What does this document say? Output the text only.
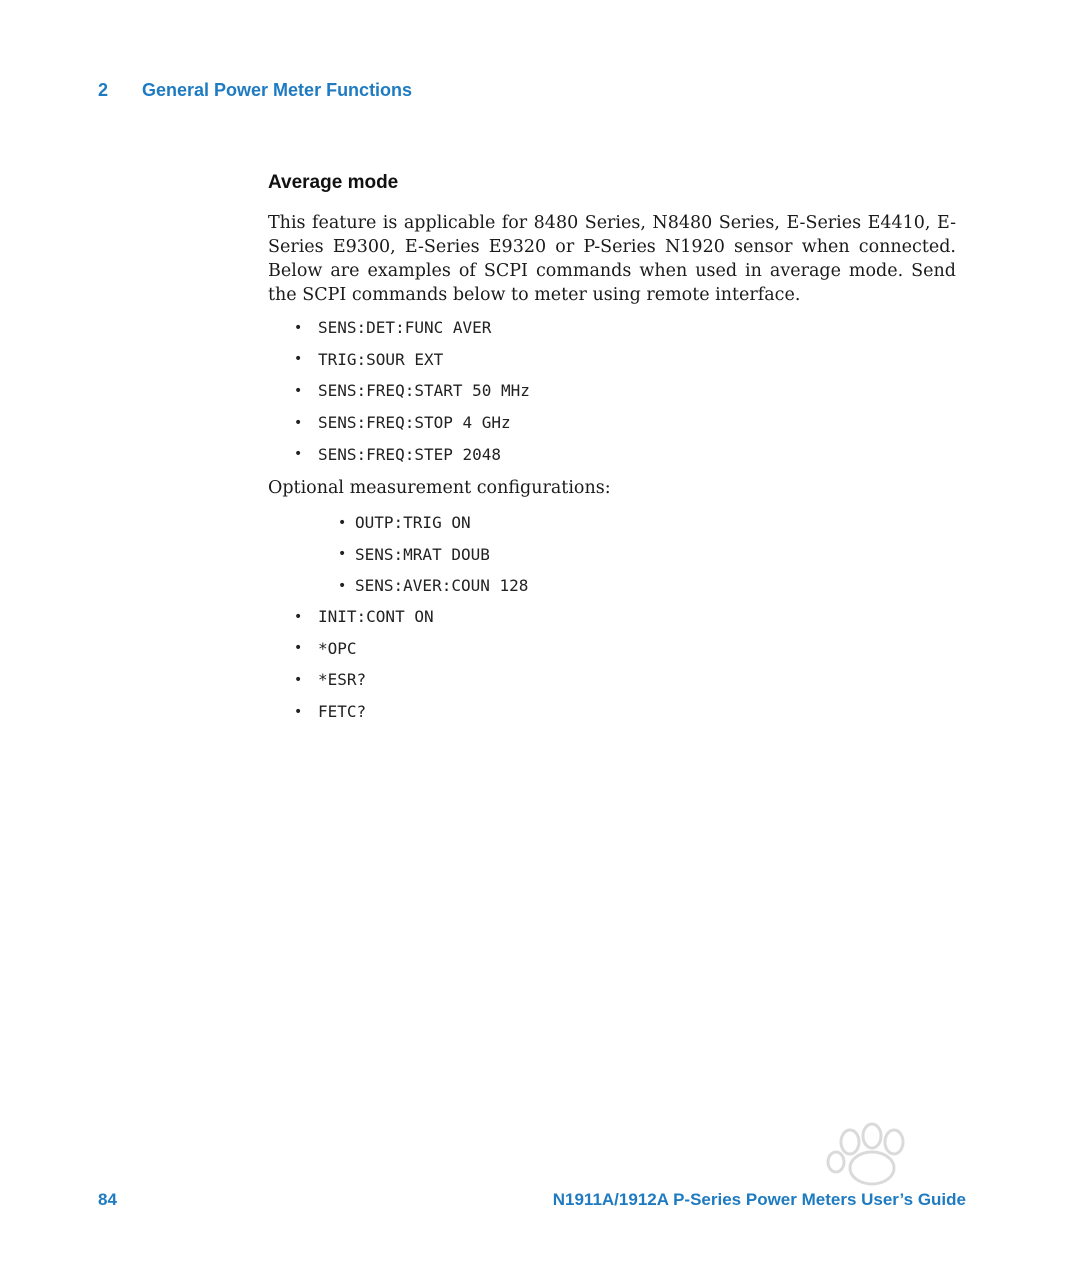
2	General Power Meter Functions
Average mode

This feature is applicable for 8480 Series, N8480 Series, E-Series E4410, E-Series E9300, E-Series E9320 or P-Series N1920 sensor when connected. Below are examples of SCPI commands when used in average mode. Send the SCPI commands below to meter using remote interface.

• SENS:DET:FUNC AVER
• TRIG:SOUR EXT
• SENS:FREQ:START 50 MHz
• SENS:FREQ:STOP 4 GHz
• SENS:FREQ:STEP 2048
Optional measurement configurations:
• OUTP:TRIG ON
• SENS:MRAT DOUB
• SENS:AVER:COUN 128
• INIT:CONT ON
• *OPC
• *ESR?
• FETC?
84	N1911A/1912A P-Series Power Meters User’s Guide
